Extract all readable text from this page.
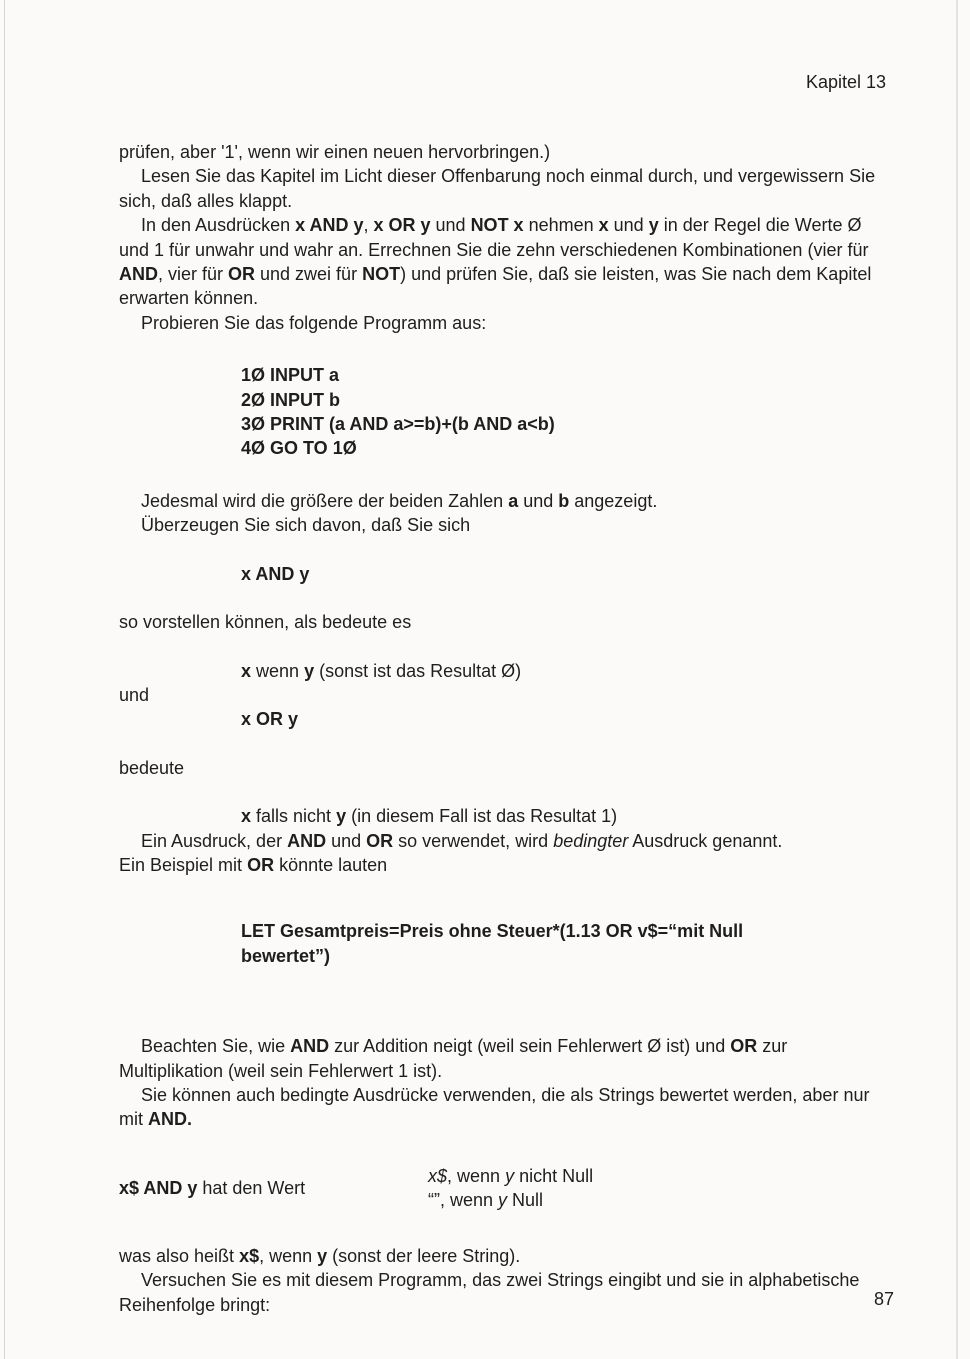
Kapitel 13

prüfen, aber '1', wenn wir einen neuen hervorbringen.)

Lesen Sie das Kapitel im Licht dieser Offenbarung noch einmal durch, und vergewissern Sie sich, daß alles klappt.

In den Ausdrücken x AND y, x OR y und NOT x nehmen x und y in der Regel die Werte Ø und 1 für unwahr und wahr an. Errechnen Sie die zehn verschiedenen Kombinationen (vier für AND, vier für OR und zwei für NOT) und prüfen Sie, daß sie leisten, was Sie nach dem Kapitel erwarten können.

Probieren Sie das folgende Programm aus:

1Ø INPUT a
2Ø INPUT b
3Ø PRINT (a AND a>=b)+(b AND a<b)
4Ø GO TO 1Ø

Jedesmal wird die größere der beiden Zahlen a und b angezeigt.

Überzeugen Sie sich davon, daß Sie sich

x AND y

so vorstellen können, als bedeute es

x wenn y (sonst ist das Resultat Ø)

und

x OR y

bedeute

x falls nicht y (in diesem Fall ist das Resultat 1)

Ein Ausdruck, der AND und OR so verwendet, wird bedingter Ausdruck genannt.

Ein Beispiel mit OR könnte lauten

LET Gesamtpreis=Preis ohne Steuer*(1.13 OR v$=“mit Null
bewertet”)

Beachten Sie, wie AND zur Addition neigt (weil sein Fehlerwert Ø ist) und OR zur Multiplikation (weil sein Fehlerwert 1 ist).

Sie können auch bedingte Ausdrücke verwenden, die als Strings bewertet werden, aber nur mit AND.

x$ AND y hat den Wert
x$, wenn y nicht Null
“”, wenn y Null

was also heißt x$, wenn y (sonst der leere String).

Versuchen Sie es mit diesem Programm, das zwei Strings eingibt und sie in alphabetische Reihenfolge bringt:	87
